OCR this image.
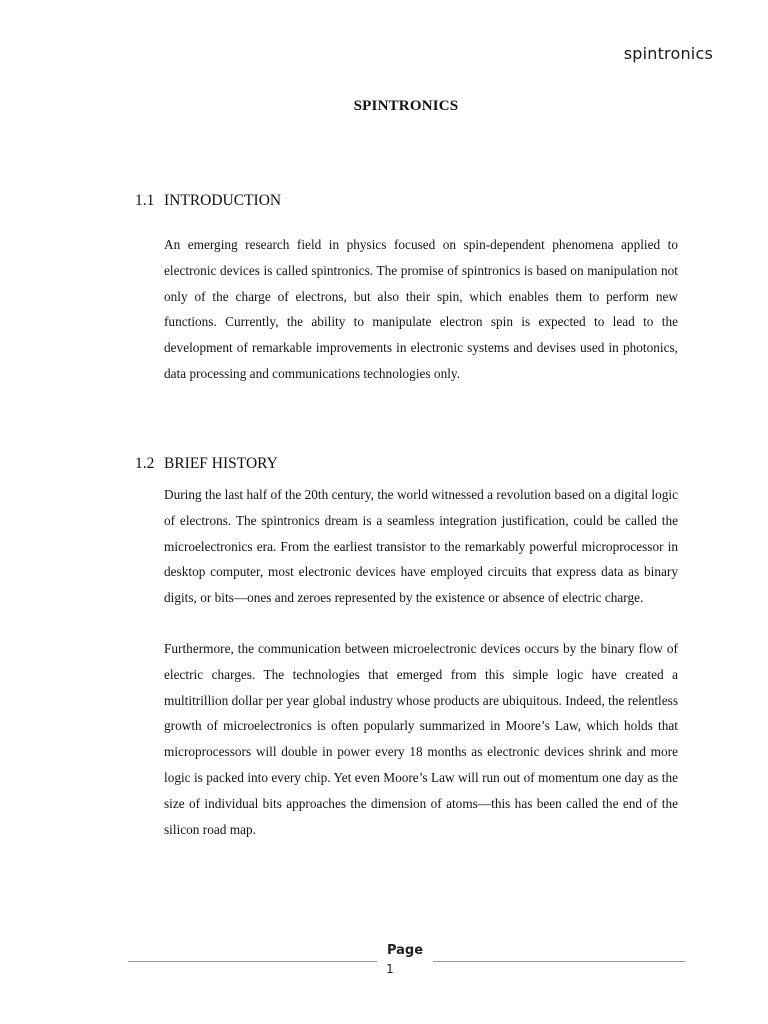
spintronics
SPINTRONICS
1.1 INTRODUCTION

An emerging research field in physics focused on spin-dependent phenomena applied to electronic devices is called spintronics. The promise of spintronics is based on manipulation not only of the charge of electrons, but also their spin, which enables them to perform new functions. Currently, the ability to manipulate electron spin is expected to lead to the development of remarkable improvements in electronic systems and devises used in photonics, data processing and communications technologies only.

1.2 BRIEF HISTORY

During the last half of the 20th century, the world witnessed a revolution based on a digital logic of electrons. The spintronics dream is a seamless integration justification, could be called the microelectronics era. From the earliest transistor to the remarkably powerful microprocessor in desktop computer, most electronic devices have employed circuits that express data as binary digits, or bits—ones and zeroes represented by the existence or absence of electric charge.

Furthermore, the communication between microelectronic devices occurs by the binary flow of electric charges. The technologies that emerged from this simple logic have created a multitrillion dollar per year global industry whose products are ubiquitous. Indeed, the relentless growth of microelectronics is often popularly summarized in Moore’s Law, which holds that microprocessors will double in power every 18 months as electronic devices shrink and more logic is packed into every chip. Yet even Moore’s Law will run out of momentum one day as the size of individual bits approaches the dimension of atoms—this has been called the end of the silicon road map.

Page
1
